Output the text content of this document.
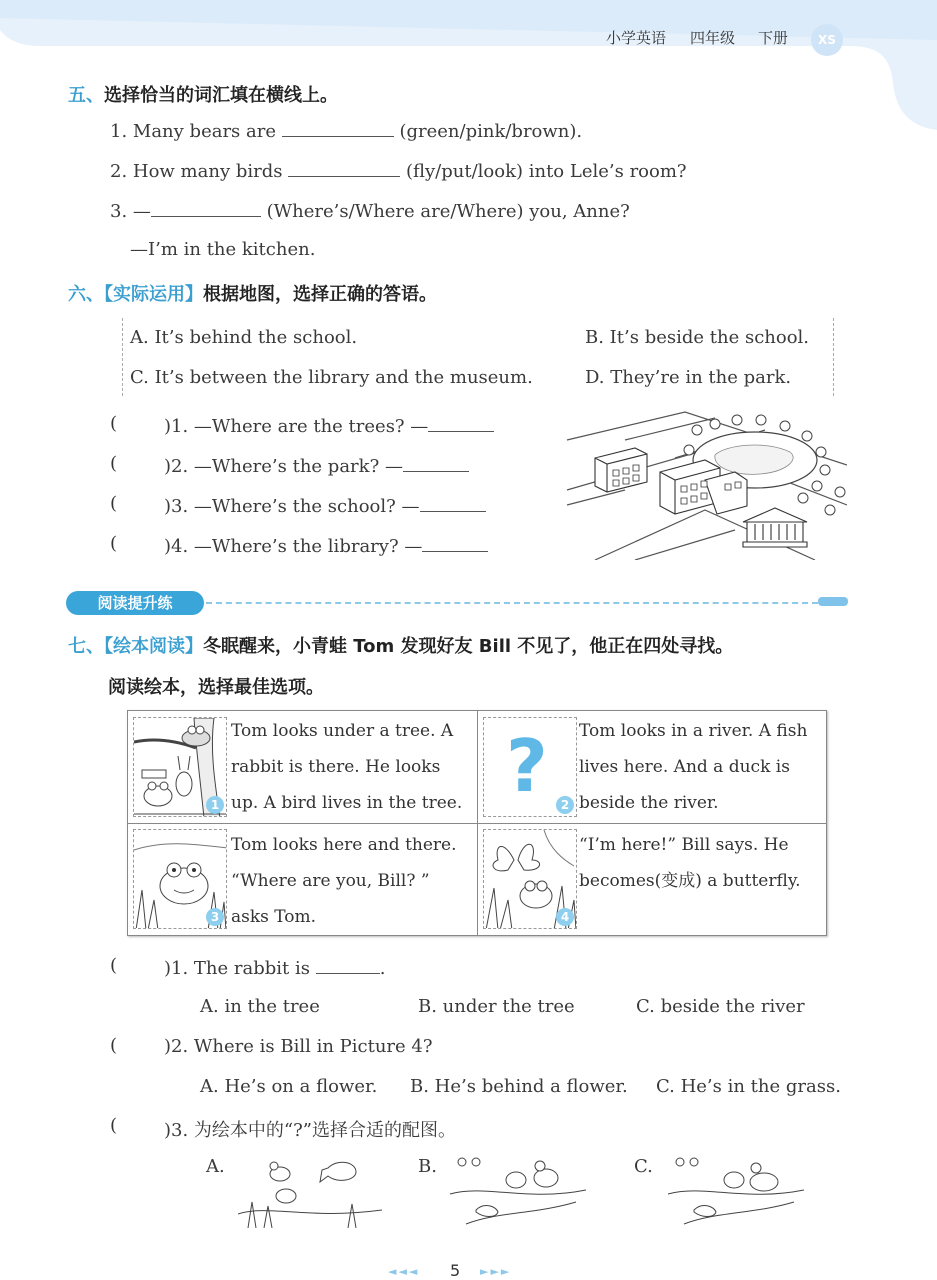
小学英语 四年级 下册	XS
五、选择恰当的词汇填在横线上。
1. Many bears are	(green/pink/brown).
2. How many birds	(fly/put/look) into Lele’s room?
3. —	(Where’s/Where are/Where) you, Anne?
—I’m in the kitchen.
六、【实际运用】根据地图，选择正确的答语。
A. It’s behind the school.	B. It’s beside the school.
C. It’s between the library and the museum.	D. They’re in the park.
(	)1. —Where are the trees? —
(	)2. —Where’s the park? —
(	)3. —Where’s the school? —
(	)4. —Where’s the library? —
阅读提升练
七、【绘本阅读】冬眠醒来，小青蛙 Tom 发现好友 Bill 不见了，他正在四处寻找。
阅读绘本，选择最佳选项。
1
Tom looks under a tree. A
rabbit is there. He looks
up. A bird lives in the tree. ?	2
Tom looks in a river. A fish
lives here. And a duck is
beside the river.
3
Tom looks here and there.
“Where are you, Bill? ”
asks Tom.	4
“I’m here!” Bill says. He
becomes(变成) a butterfly.
(	)1. The rabbit is	.
A. in the tree	B. under the tree	C. beside the river
(	)2. Where is Bill in Picture 4?
A. He’s on a flower. B. He’s behind a flower. C. He’s in the grass.
(	)3. 为绘本中的“?”选择合适的配图。
A.	B.	C.
◄◄◄ 5 ►►►
